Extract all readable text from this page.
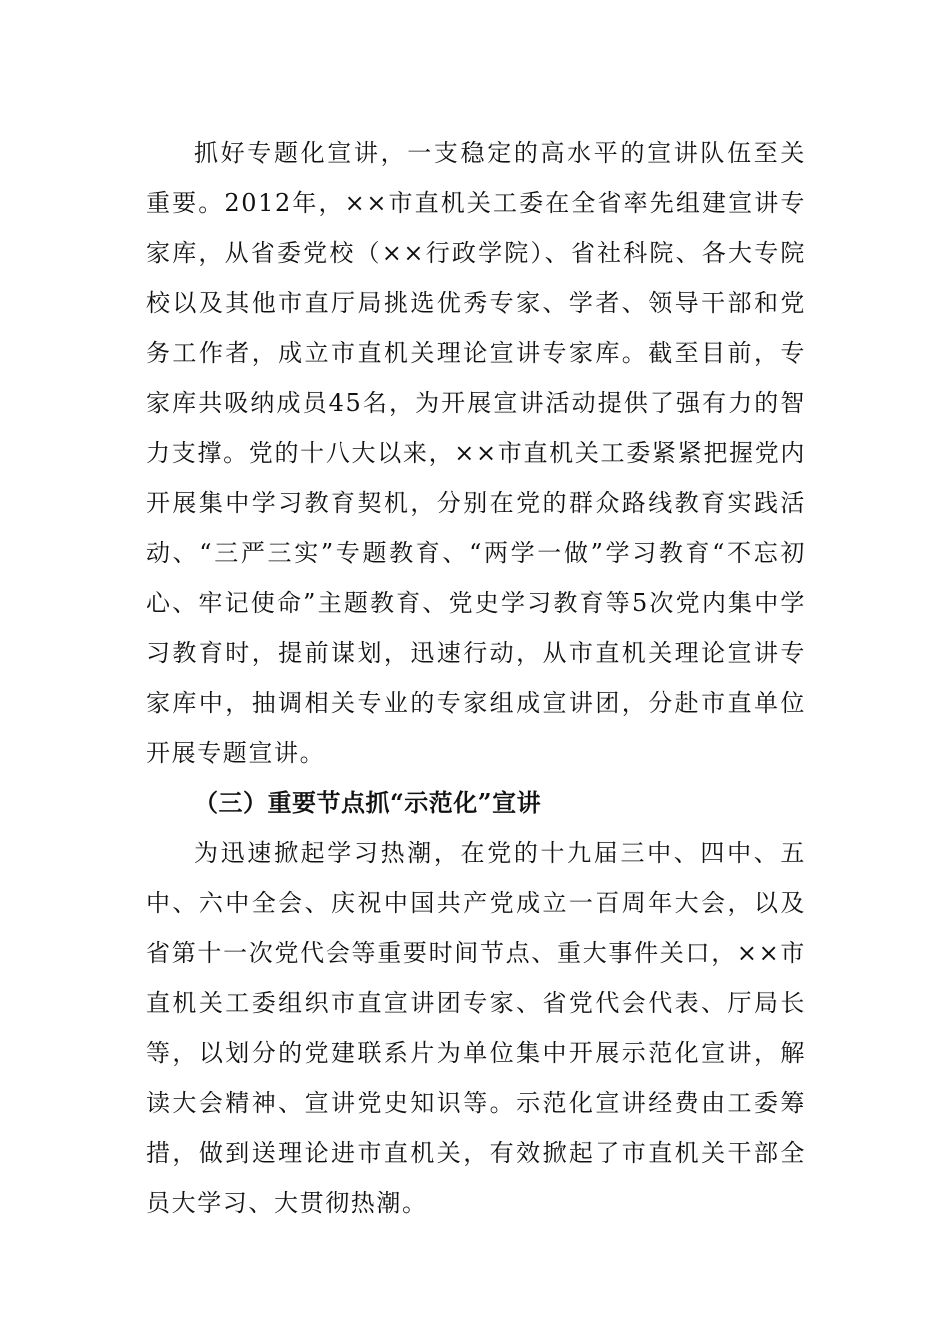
抓好专题化宣讲，一支稳定的高水平的宣讲队伍至关重要。2012年，××市直机关工委在全省率先组建宣讲专家库，从省委党校（××行政学院）、省社科院、各大专院校以及其他市直厅局挑选优秀专家、学者、领导干部和党务工作者，成立市直机关理论宣讲专家库。截至目前，专家库共吸纳成员45名，为开展宣讲活动提供了强有力的智力支撑。党的十八大以来，××市直机关工委紧紧把握党内开展集中学习教育契机，分别在党的群众路线教育实践活动、“三严三实”专题教育、“两学一做”学习教育“不忘初心、牢记使命”主题教育、党史学习教育等5次党内集中学习教育时，提前谋划，迅速行动，从市直机关理论宣讲专家库中，抽调相关专业的专家组成宣讲团，分赴市直单位开展专题宣讲。

（三）重要节点抓“示范化”宣讲

为迅速掀起学习热潮，在党的十九届三中、四中、五中、六中全会、庆祝中国共产党成立一百周年大会，以及省第十一次党代会等重要时间节点、重大事件关口，××市直机关工委组织市直宣讲团专家、省党代会代表、厅局长等，以划分的党建联系片为单位集中开展示范化宣讲，解读大会精神、宣讲党史知识等。示范化宣讲经费由工委筹措，做到送理论进市直机关，有效掀起了市直机关干部全员大学习、大贯彻热潮。
